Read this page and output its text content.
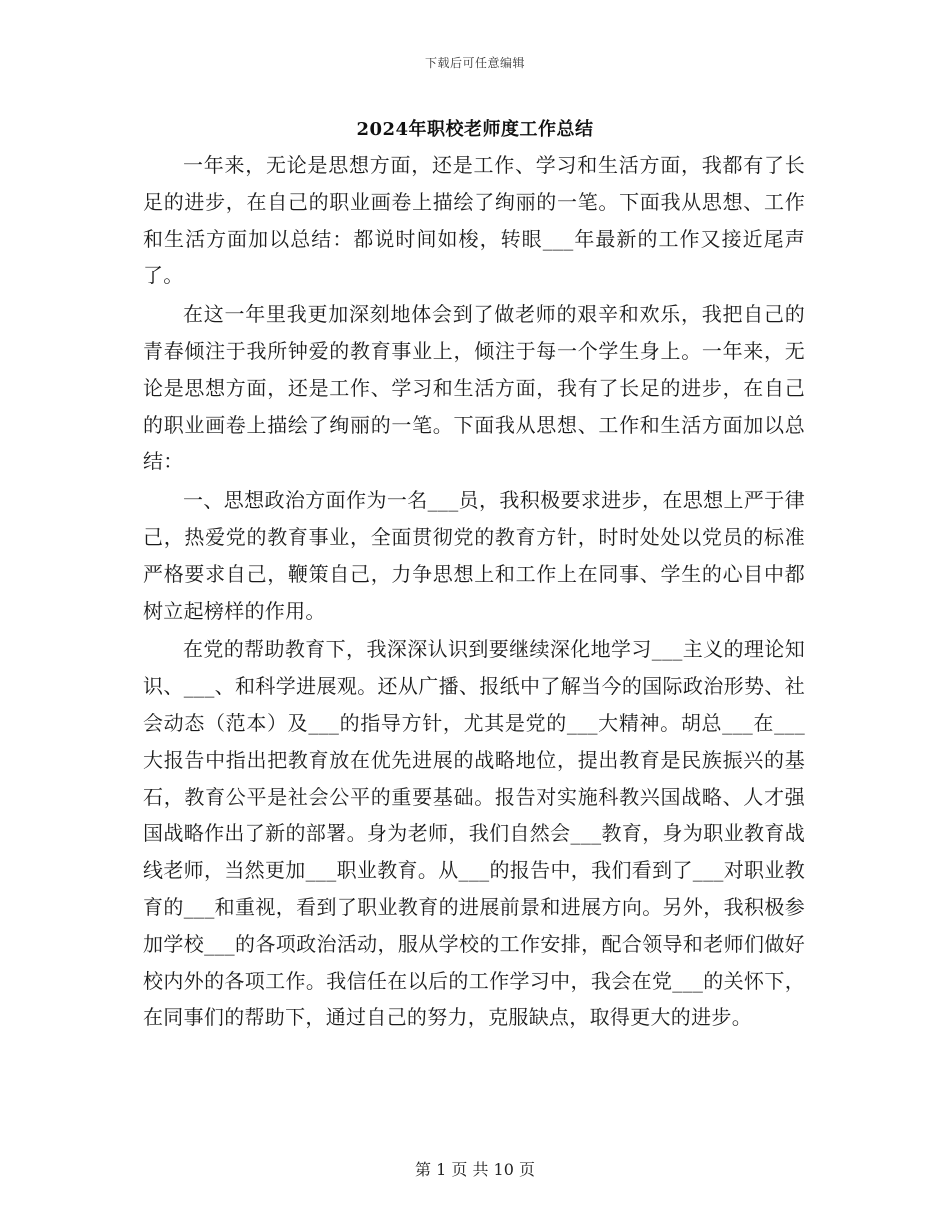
下载后可任意编辑
2024年职校老师度工作总结

一年来，无论是思想方面，还是工作、学习和生活方面，我都有了长足的进步，在自己的职业画卷上描绘了绚丽的一笔。下面我从思想、工作和生活方面加以总结：都说时间如梭，转眼___年最新的工作又接近尾声了。

在这一年里我更加深刻地体会到了做老师的艰辛和欢乐，我把自己的青春倾注于我所钟爱的教育事业上，倾注于每一个学生身上。一年来，无论是思想方面，还是工作、学习和生活方面，我有了长足的进步，在自己的职业画卷上描绘了绚丽的一笔。下面我从思想、工作和生活方面加以总结：

一、思想政治方面作为一名___员，我积极要求进步，在思想上严于律己，热爱党的教育事业，全面贯彻党的教育方针，时时处处以党员的标准严格要求自己，鞭策自己，力争思想上和工作上在同事、学生的心目中都树立起榜样的作用。

在党的帮助教育下，我深深认识到要继续深化地学习___主义的理论知识、___、和科学进展观。还从广播、报纸中了解当今的国际政治形势、社会动态（范本）及___的指导方针，尤其是党的___大精神。胡总___在___大报告中指出把教育放在优先进展的战略地位，提出教育是民族振兴的基石，教育公平是社会公平的重要基础。报告对实施科教兴国战略、人才强国战略作出了新的部署。身为老师，我们自然会___教育，身为职业教育战线老师，当然更加___职业教育。从___的报告中，我们看到了___对职业教育的___和重视，看到了职业教育的进展前景和进展方向。另外，我积极参加学校___的各项政治活动，服从学校的工作安排，配合领导和老师们做好校内外的各项工作。我信任在以后的工作学习中，我会在党___的关怀下，在同事们的帮助下，通过自己的努力，克服缺点，取得更大的进步。

第 1 页 共 10 页
